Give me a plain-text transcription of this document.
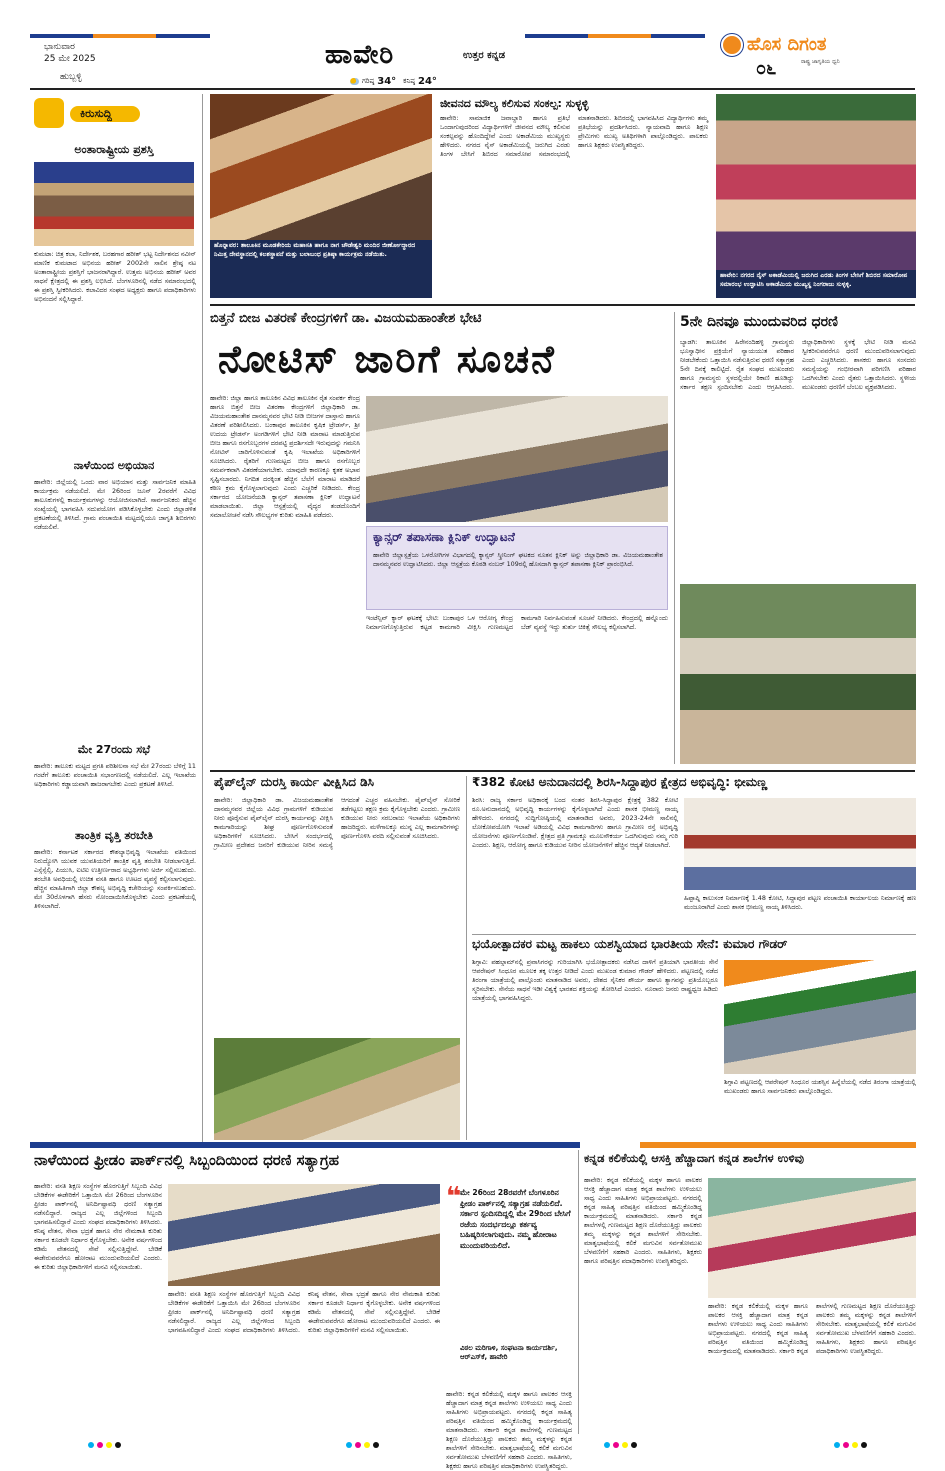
ಭಾನುವಾರ
25 ಮೇ 2025
ಹುಬ್ಬಳ್ಳಿ
ಹಾವೇರಿ	ಉತ್ತರ ಕನ್ನಡ
ಗರಿಷ್ಠ 34° ಕನಿಷ್ಠ 24°
ಹೊಸ ದಿಗಂತ
ರಾಷ್ಟ್ರ ಜಾಗೃತಿಯ ಧ್ವನಿ
೦೬
ಕಿರುಸುದ್ದಿ
ಅಂತಾರಾಷ್ಟ್ರೀಯ ಪ್ರಶಸ್ತಿ
ಕುಮಟಾ: ಚಿತ್ರ ಕಲಾ, ನಿರ್ದೇಶಕ, ಬರಹಗಾರ ಹರೀಶ್ ಭಟ್ಟ ನಿರ್ದೇಶನದ ನವೀನ್ ಮಾಣಿಕ ಕುಮಟಾದ ಅಭಿನಯ ಹರೀಶ್ 2002ನೇ ಸಾಲಿನ ಶ್ರೇಷ್ಠ ನಟ ಅಂತಾರಾಷ್ಟ್ರೀಯ ಪ್ರಶಸ್ತಿಗೆ ಭಾಜನರಾಗಿದ್ದಾರೆ. ಉತ್ತಮ ಅಭಿನಯ ಹರೀಶ್ ಅವರ ಸಾಧನೆ ಕ್ಷೇತ್ರದಲ್ಲಿ ಈ ಪ್ರಶಸ್ತಿ ಲಭಿಸಿದೆ. ಬೆಂಗಳೂರಿನಲ್ಲಿ ನಡೆದ ಸಮಾರಂಭದಲ್ಲಿ ಈ ಪ್ರಶಸ್ತಿ ಸ್ವೀಕರಿಸಿದರು. ಕಲಾವಿದರ ಸಂಘದ ಅಧ್ಯಕ್ಷರು ಹಾಗೂ ಪದಾಧಿಕಾರಿಗಳು ಅಭಿನಂದನೆ ಸಲ್ಲಿಸಿದ್ದಾರೆ.
ನಾಳೆಯಿಂದ ಅಭಿಯಾನ
ಹಾವೇರಿ: ಜಿಲ್ಲೆಯಲ್ಲಿ ಒಂದು ವಾರ ಅಭಿಯಾನ ಮತ್ತು ಸಾರ್ವಜನಿಕ ಮಾಹಿತಿ ಕಾರ್ಯಕ್ರಮ ನಡೆಯಲಿದೆ. ಮೇ 26ರಿಂದ ಜೂನ್ 2ರವರೆಗೆ ವಿವಿಧ ತಾಲೂಕುಗಳಲ್ಲಿ ಕಾರ್ಯಕ್ರಮಗಳನ್ನು ಆಯೋಜಿಸಲಾಗಿದೆ. ಸಾರ್ವಜನಿಕರು ಹೆಚ್ಚಿನ ಸಂಖ್ಯೆಯಲ್ಲಿ ಭಾಗವಹಿಸಿ ಸದುಪಯೋಗ ಪಡಿಸಿಕೊಳ್ಳಬೇಕು ಎಂದು ಜಿಲ್ಲಾಡಳಿತ ಪ್ರಕಟಣೆಯಲ್ಲಿ ತಿಳಿಸಿದೆ. ಗ್ರಾಮ ಪಂಚಾಯಿತಿ ಮಟ್ಟದಲ್ಲಿಯೂ ಜಾಗೃತಿ ಶಿಬಿರಗಳು ನಡೆಯಲಿವೆ.
ಮೇ 27ರಂದು ಸಭೆ
ಹಾವೇರಿ: ತಾಲೂಕು ಮಟ್ಟದ ಪ್ರಗತಿ ಪರಿಶೀಲನಾ ಸಭೆ ಮೇ 27ರಂದು ಬೆಳಿಗ್ಗೆ 11 ಗಂಟೆಗೆ ತಾಲೂಕು ಪಂಚಾಯಿತಿ ಸಭಾಂಗಣದಲ್ಲಿ ನಡೆಯಲಿದೆ. ಎಲ್ಲ ಇಲಾಖೆಯ ಅಧಿಕಾರಿಗಳು ಕಡ್ಡಾಯವಾಗಿ ಹಾಜರಾಗಬೇಕು ಎಂದು ಪ್ರಕಟಣೆ ತಿಳಿಸಿದೆ.
ತಾಂತ್ರಿಕ ವೃತ್ತಿ ತರಬೇತಿ
ಹಾವೇರಿ: ಕರ್ನಾಟಕ ಸರ್ಕಾರದ ಕೌಶಲ್ಯಾಭಿವೃದ್ಧಿ ಇಲಾಖೆಯ ವತಿಯಿಂದ ನಿರುದ್ಯೋಗಿ ಯುವಕ ಯುವತಿಯರಿಗೆ ತಾಂತ್ರಿಕ ವೃತ್ತಿ ತರಬೇತಿ ನೀಡಲಾಗುತ್ತಿದೆ. ಎಸ್ಸೆಸ್ಸೆಲ್ಸಿ, ಪಿಯುಸಿ, ಐಟಿಐ ಉತ್ತೀರ್ಣರಾದ ಅಭ್ಯರ್ಥಿಗಳು ಅರ್ಜಿ ಸಲ್ಲಿಸಬಹುದು. ತರಬೇತಿ ಅವಧಿಯಲ್ಲಿ ಉಚಿತ ವಸತಿ ಹಾಗೂ ಊಟದ ವ್ಯವಸ್ಥೆ ಕಲ್ಪಿಸಲಾಗುವುದು. ಹೆಚ್ಚಿನ ಮಾಹಿತಿಗಾಗಿ ಜಿಲ್ಲಾ ಕೌಶಲ್ಯ ಅಭಿವೃದ್ಧಿ ಕಚೇರಿಯನ್ನು ಸಂಪರ್ಕಿಸಬಹುದು. ಮೇ 30ರೊಳಗಾಗಿ ಹೆಸರು ನೋಂದಾಯಿಸಿಕೊಳ್ಳಬೇಕು ಎಂದು ಪ್ರಕಟಣೆಯಲ್ಲಿ ತಿಳಿಸಲಾಗಿದೆ.
ಹೊನ್ನಾವರ: ತಾಲೂಕಿನ ಮೂಡಕೇರಿಯ ಮಹಾಸತಿ ಹಾಗೂ ನಾಗ ಚೌಡೇಶ್ವರಿ ಮಂದಿರ ಜೀರ್ಣೋದ್ಧಾರದ ನಿಮಿತ್ತ ದೇವಸ್ಥಾನದಲ್ಲಿ ಕಲಶಸ್ಥಾಪನೆ ಮತ್ತು ಬಲಾಬಂಧ ಪ್ರತಿಷ್ಠಾ ಕಾರ್ಯಕ್ರಮ ನಡೆಯಿತು.
ಜೀವನದ ಮೌಲ್ಯ ಕಲಿಸುವ ಸಂಕಲ್ಪ: ಸುಳ್ಳಳ್ಳಿ
ಹಾವೇರಿ: ಸಾಮಾಜಿಕ ಜವಾಬ್ದಾರಿ ಹಾಗೂ ಪ್ರತಿಭೆ ಒಂದಾಗುವುದರಿಂದ ವಿದ್ಯಾರ್ಥಿಗಳಿಗೆ ಜೀವನದ ಮೌಲ್ಯ ಕಲಿಸುವ ಸಂಕಲ್ಪವನ್ನು ಹೊಂದಿದ್ದೇವೆ ಎಂದು ಅಕಾಡೆಮಿಯ ಮುಖ್ಯಸ್ಥರು ಹೇಳಿದರು. ನಗರದ ನೈಸ್ ಅಕಾಡೆಮಿಯಲ್ಲಿ ಜರುಗಿದ ಎರಡು ತಿಂಗಳ ಬೇಸಿಗೆ ಶಿಬಿರದ ಸಮಾರೋಪ ಸಮಾರಂಭದಲ್ಲಿ ಮಾತನಾಡಿದರು. ಶಿಬಿರದಲ್ಲಿ ಭಾಗವಹಿಸಿದ ವಿದ್ಯಾರ್ಥಿಗಳು ತಮ್ಮ ಪ್ರತಿಭೆಯನ್ನು ಪ್ರದರ್ಶಿಸಿದರು. ನ್ಯಾಯವಾದಿ ಹಾಗೂ ಶಿಕ್ಷಣ ಪ್ರೇಮಿಗಳು ಮುಖ್ಯ ಅತಿಥಿಗಳಾಗಿ ಪಾಲ್ಗೊಂಡಿದ್ದರು. ಪಾಲಕರು ಹಾಗೂ ಶಿಕ್ಷಕರು ಉಪಸ್ಥಿತರಿದ್ದರು.
ಹಾವೇರಿ: ನಗರದ ನೈಸ್ ಅಕಾಡೆಮಿಯಲ್ಲಿ ಜರುಗಿದ ಎರಡು ತಿಂಗಳ ಬೇಸಿಗೆ ಶಿಬಿರದ ಸಮಾರೋಪ ಸಮಾರಂಭ ಉದ್ಘಾಟಿಸಿ ಅಕಾಡೆಮಿಯ ಮುಖ್ಯಸ್ಥ ನಿಂಗರಾಜು ಸುಳ್ಳಳ್ಳಿ.
ಬಿತ್ತನೆ ಬೀಜ ವಿತರಣೆ ಕೇಂದ್ರಗಳಿಗೆ ಡಾ. ವಿಜಯಮಹಾಂತೇಶ ಭೇಟಿ
ನೋಟಿಸ್ ಜಾರಿಗೆ ಸೂಚನೆ
ಹಾವೇರಿ: ಜಿಲ್ಲಾ ಹಾಗೂ ತಾಲೂಕಿನ ವಿವಿಧ ತಾಲೂಕಿನ ರೈತ ಸಂಪರ್ಕ ಕೇಂದ್ರ ಹಾಗೂ ಬಿತ್ತನೆ ಬೀಜ ವಿತರಣಾ ಕೇಂದ್ರಗಳಿಗೆ ಜಿಲ್ಲಾಧಿಕಾರಿ ಡಾ. ವಿಜಯಮಹಾಂತೇಶ ದಾನಮ್ಮನವರ ಭೇಟಿ ನೀಡಿ ಬೀಜಗಳ ದಾಸ್ತಾನು ಹಾಗೂ ವಿತರಣೆ ಪರಿಶೀಲಿಸಿದರು. ಬಂಕಾಪುರ ತಾಲೂಕಿನ ಕೃಷಿಕ ಟ್ರೇಡರ್ಸ್, ಶ್ರೀ ಉದಯ ಟ್ರೇಡರ್ಸ್ ಅಂಗಡಿಗಳಿಗೆ ಭೇಟಿ ನೀಡಿ ಮಾರಾಟ ಮಾಡುತ್ತಿರುವ ಬೀಜ ಹಾಗೂ ರಸಗೊಬ್ಬರಗಳ ದರಪಟ್ಟಿ ಪ್ರದರ್ಶಿಸದೇ ಇರುವುದನ್ನು ಗಮನಿಸಿ ನೋಟಿಸ್ ಜಾರಿಗೊಳಿಸುವಂತೆ ಕೃಷಿ ಇಲಾಖೆಯ ಅಧಿಕಾರಿಗಳಿಗೆ ಸೂಚಿಸಿದರು. ರೈತರಿಗೆ ಗುಣಮಟ್ಟದ ಬೀಜ ಹಾಗೂ ರಸಗೊಬ್ಬರ ಸಮರ್ಪಕವಾಗಿ ವಿತರಣೆಯಾಗಬೇಕು. ಯಾವುದೇ ಕಾರಣಕ್ಕೂ ಕೃತಕ ಅಭಾವ ಸೃಷ್ಟಿಸಬಾರದು. ನಿಗದಿತ ದರಕ್ಕಿಂತ ಹೆಚ್ಚಿನ ಬೆಲೆಗೆ ಮಾರಾಟ ಮಾಡಿದರೆ ಕಠಿಣ ಕ್ರಮ ಕೈಗೊಳ್ಳಲಾಗುವುದು ಎಂದು ಎಚ್ಚರಿಕೆ ನೀಡಿದರು. ಕೇಂದ್ರ ಸರ್ಕಾರದ ಯೋಜನೆಯಡಿ ಕ್ಯಾನ್ಸರ್ ತಪಾಸಣಾ ಕ್ಲಿನಿಕ್ ಉದ್ಘಾಟನೆ ಮಾಡಲಾಯಿತು. ಜಿಲ್ಲಾ ಆಸ್ಪತ್ರೆಯಲ್ಲಿ ವೈದ್ಯರ ತಂಡದೊಂದಿಗೆ ಸಮಾಲೋಚನೆ ನಡೆಸಿ ಸೌಲಭ್ಯಗಳ ಕುರಿತು ಮಾಹಿತಿ ಪಡೆದರು.
ಕ್ಯಾನ್ಸರ್ ತಪಾಸಣಾ ಕ್ಲಿನಿಕ್ ಉದ್ಘಾಟನೆ
ಹಾವೇರಿ ಜಿಲ್ಲಾಸ್ಪತ್ರೆಯ ಒಳರೋಗಿಗಳ ವಿಭಾಗದಲ್ಲಿ ಕ್ಯಾನ್ಸರ್ ಸ್ಕ್ರೀನಿಂಗ್ ಘಟಕದ ನೂತನ ಕ್ಲಿನಿಕ್ ಅನ್ನು ಜಿಲ್ಲಾಧಿಕಾರಿ ಡಾ. ವಿಜಯಮಹಾಂತೇಶ ದಾನಮ್ಮನವರ ಉದ್ಘಾಟಿಸಿದರು. ಜಿಲ್ಲಾ ಆಸ್ಪತ್ರೆಯ ಕೊಠಡಿ ನಂಬರ್ 109ರಲ್ಲಿ ಹೊಸದಾಗಿ ಕ್ಯಾನ್ಸರ್ ತಪಾಸಣಾ ಕ್ಲಿನಿಕ್ ಪ್ರಾರಂಭಿಸಿದೆ.
ಇಂಟೆನ್ಸಿವ್ ಕ್ಯಾರ್ ಘಟಕಕ್ಕೆ ಭೇಟಿ: ಬಂಕಾಪುರ ಒಳ ಆರೋಗ್ಯ ಕೇಂದ್ರ ನಿರ್ಮಾಣಗೊಳ್ಳುತ್ತಿರುವ ಕಟ್ಟಡ ಕಾಮಗಾರಿ ವೀಕ್ಷಿಸಿ ಗುಣಮಟ್ಟದ ಕಾಮಗಾರಿ ನಿರ್ವಹಿಸುವಂತೆ ಸೂಚನೆ ನೀಡಿದರು. ಕೇಂದ್ರದಲ್ಲಿ ಹನ್ನೊಂದು ಬೆಡ್ ವ್ಯವಸ್ಥೆ ಇದ್ದು ತುರ್ತು ಚಿಕಿತ್ಸೆ ಸೌಲಭ್ಯ ಕಲ್ಪಿಸಲಾಗಿದೆ.
5ನೇ ದಿನವೂ ಮುಂದುವರಿದ ಧರಣಿ
ಬ್ಯಾಡಗಿ: ತಾಲೂಕಿನ ಹಿರೇನಂದಿಹಳ್ಳಿ ಗ್ರಾಮಸ್ಥರು ಭೂಸ್ವಾಧೀನ ಪ್ರಕ್ರಿಯೆಗೆ ನ್ಯಾಯಯುತ ಪರಿಹಾರ ನೀಡಬೇಕೆಂದು ಒತ್ತಾಯಿಸಿ ನಡೆಸುತ್ತಿರುವ ಧರಣಿ ಸತ್ಯಾಗ್ರಹ 5ನೇ ದಿನಕ್ಕೆ ಕಾಲಿಟ್ಟಿದೆ. ರೈತ ಸಂಘದ ಮುಖಂಡರು ಹಾಗೂ ಗ್ರಾಮಸ್ಥರು ಸ್ಥಳದಲ್ಲಿಯೇ ಠಿಕಾಣಿ ಹೂಡಿದ್ದು ಸರ್ಕಾರ ತಕ್ಷಣ ಸ್ಪಂದಿಸಬೇಕು ಎಂದು ಆಗ್ರಹಿಸಿದರು. ಜಿಲ್ಲಾಧಿಕಾರಿಗಳು ಸ್ಥಳಕ್ಕೆ ಭೇಟಿ ನೀಡಿ ಮನವಿ ಸ್ವೀಕರಿಸುವವರೆಗೂ ಧರಣಿ ಮುಂದುವರಿಸಲಾಗುವುದು ಎಂದು ಎಚ್ಚರಿಸಿದರು. ಶಾಸಕರು ಹಾಗೂ ಸಂಸದರು ಸಮಸ್ಯೆಯನ್ನು ಗಂಭೀರವಾಗಿ ಪರಿಗಣಿಸಿ ಪರಿಹಾರ ಒದಗಿಸಬೇಕು ಎಂದು ರೈತರು ಒತ್ತಾಯಿಸಿದರು. ಸ್ಥಳೀಯ ಮುಖಂಡರು ಧರಣಿಗೆ ಬೆಂಬಲ ವ್ಯಕ್ತಪಡಿಸಿದರು.
ಪೈಪ್‌ಲೈನ್ ದುರಸ್ತಿ ಕಾರ್ಯ ವೀಕ್ಷಿಸಿದ ಡಿಸಿ
ಹಾವೇರಿ: ಜಿಲ್ಲಾಧಿಕಾರಿ ಡಾ. ವಿಜಯಮಹಾಂತೇಶ ದಾನಮ್ಮನವರ ಜಿಲ್ಲೆಯ ವಿವಿಧ ಗ್ರಾಮಗಳಿಗೆ ಕುಡಿಯುವ ನೀರು ಪೂರೈಸುವ ಪೈಪ್‌ಲೈನ್ ದುರಸ್ತಿ ಕಾರ್ಯವನ್ನು ವೀಕ್ಷಿಸಿ ಕಾಮಗಾರಿಯನ್ನು ಶೀಘ್ರ ಪೂರ್ಣಗೊಳಿಸುವಂತೆ ಅಧಿಕಾರಿಗಳಿಗೆ ಸೂಚಿಸಿದರು. ಬೇಸಿಗೆ ಸಂದರ್ಭದಲ್ಲಿ ಗ್ರಾಮೀಣ ಪ್ರದೇಶದ ಜನರಿಗೆ ಕುಡಿಯುವ ನೀರಿನ ಸಮಸ್ಯೆ ಆಗದಂತೆ ಎಚ್ಚರ ವಹಿಸಬೇಕು. ಪೈಪ್‌ಲೈನ್ ಸೋರಿಕೆ ತಡೆಗಟ್ಟಲು ತಕ್ಷಣ ಕ್ರಮ ಕೈಗೊಳ್ಳಬೇಕು ಎಂದರು. ಗ್ರಾಮೀಣ ಕುಡಿಯುವ ನೀರು ಸರಬರಾಜು ಇಲಾಖೆಯ ಅಧಿಕಾರಿಗಳು ಹಾಜರಿದ್ದರು. ಮಳೆಗಾಲಕ್ಕೂ ಮುನ್ನ ಎಲ್ಲ ಕಾಮಗಾರಿಗಳನ್ನು ಪೂರ್ಣಗೊಳಿಸಿ ವರದಿ ಸಲ್ಲಿಸುವಂತೆ ಸೂಚಿಸಿದರು.
₹382 ಕೋಟಿ ಅನುದಾನದಲ್ಲಿ ಶಿರಸಿ-ಸಿದ್ದಾಪುರ ಕ್ಷೇತ್ರದ ಅಭಿವೃದ್ಧಿ: ಭೀಮಣ್ಣ
ಶಿರಸಿ: ರಾಜ್ಯ ಸರ್ಕಾರ ಅಧಿಕಾರಕ್ಕೆ ಬಂದ ನಂತರ ಶಿರಸಿ-ಸಿದ್ದಾಪುರ ಕ್ಷೇತ್ರಕ್ಕೆ 382 ಕೋಟಿ ರೂ.ಅನುದಾನದಲ್ಲಿ ಅಭಿವೃದ್ಧಿ ಕಾರ್ಯಗಳನ್ನು ಕೈಗೊಳ್ಳಲಾಗಿದೆ ಎಂದು ಶಾಸಕ ಭೀಮಣ್ಣ ನಾಯ್ಕ ಹೇಳಿದರು. ನಗರದಲ್ಲಿ ಸುದ್ದಿಗೋಷ್ಠಿಯಲ್ಲಿ ಮಾತನಾಡಿದ ಅವರು, 2023-24ನೇ ಸಾಲಿನಲ್ಲಿ ಲೋಕೋಪಯೋಗಿ ಇಲಾಖೆ ಅಡಿಯಲ್ಲಿ ವಿವಿಧ ಕಾಮಗಾರಿಗಳು ಹಾಗೂ ಗ್ರಾಮೀಣ ರಸ್ತೆ ಅಭಿವೃದ್ಧಿ ಯೋಜನೆಗಳು ಪೂರ್ಣಗೊಂಡಿವೆ. ಕ್ಷೇತ್ರದ ಪ್ರತಿ ಗ್ರಾಮಕ್ಕೂ ಮೂಲಸೌಕರ್ಯ ಒದಗಿಸುವುದು ನಮ್ಮ ಗುರಿ ಎಂದರು. ಶಿಕ್ಷಣ, ಆರೋಗ್ಯ ಹಾಗೂ ಕುಡಿಯುವ ನೀರಿನ ಯೋಜನೆಗಳಿಗೆ ಹೆಚ್ಚಿನ ಆದ್ಯತೆ ನೀಡಲಾಗಿದೆ.
ಹಿಪ್ಪಾಪ್ನಿ ಕಾಲುಸಂಕ ನಿರ್ಮಾಣಕ್ಕೆ 1.48 ಕೋಟಿ, ಸಿದ್ದಾಪುರ ಪಟ್ಟಣ ಪಂಚಾಯಿತಿ ಕಾರ್ಯಾಲಯ ನಿರ್ಮಾಣಕ್ಕೆ ಹಣ ಮಂಜೂರಾಗಿದೆ ಎಂದು ಶಾಸಕ ಭೀಮಣ್ಣ ನಾಯ್ಕ ತಿಳಿಸಿದರು.
ಭಯೋತ್ಪಾದಕರ ಮಟ್ಟ ಹಾಕಲು ಯಶಸ್ವಿಯಾದ ಭಾರತೀಯ ಸೇನೆ: ಕುಮಾರ ಗೌಡರ್
ಶಿಗ್ಗಾವಿ: ಪಹಲ್ಗಾಮ್‌ನಲ್ಲಿ ಪ್ರವಾಸಿಗರನ್ನು ಗುರಿಯಾಗಿಸಿ ಭಯೋತ್ಪಾದಕರು ನಡೆಸಿದ ದಾಳಿಗೆ ಪ್ರತಿಯಾಗಿ ಭಾರತೀಯ ಸೇನೆ ಆಪರೇಷನ್ ಸಿಂಧೂರ ಮೂಲಕ ತಕ್ಕ ಉತ್ತರ ನೀಡಿದೆ ಎಂದು ಮುಖಂಡ ಕುಮಾರ ಗೌಡರ್ ಹೇಳಿದರು. ಪಟ್ಟಣದಲ್ಲಿ ನಡೆದ ತಿರಂಗಾ ಯಾತ್ರೆಯಲ್ಲಿ ಪಾಲ್ಗೊಂಡು ಮಾತನಾಡಿದ ಅವರು, ದೇಶದ ಸೈನಿಕರ ಶೌರ್ಯ ಹಾಗೂ ತ್ಯಾಗವನ್ನು ಪ್ರತಿಯೊಬ್ಬರೂ ಸ್ಮರಿಸಬೇಕು. ಸೇನೆಯ ಸಾಧನೆ ಇಡೀ ವಿಶ್ವಕ್ಕೆ ಭಾರತದ ಶಕ್ತಿಯನ್ನು ತೋರಿಸಿದೆ ಎಂದರು. ನೂರಾರು ಜನರು ರಾಷ್ಟ್ರಧ್ವಜ ಹಿಡಿದು ಯಾತ್ರೆಯಲ್ಲಿ ಭಾಗವಹಿಸಿದ್ದರು.
ಶಿಗ್ಗಾವಿ ಪಟ್ಟಣದಲ್ಲಿ ಆಪರೇಷನ್ ಸಿಂಧೂರ ಯಶಸ್ಸಿನ ಹಿನ್ನೆಲೆಯಲ್ಲಿ ನಡೆದ ತಿರಂಗಾ ಯಾತ್ರೆಯಲ್ಲಿ ಮುಖಂಡರು ಹಾಗೂ ಸಾರ್ವಜನಿಕರು ಪಾಲ್ಗೊಂಡಿದ್ದರು.
ನಾಳೆಯಿಂದ ಫ್ರೀಡಂ ಪಾರ್ಕ್‌ನಲ್ಲಿ ಸಿಬ್ಬಂದಿಯಿಂದ ಧರಣಿ ಸತ್ಯಾಗ್ರಹ
ಹಾವೇರಿ: ವಸತಿ ಶಿಕ್ಷಣ ಸಂಸ್ಥೆಗಳ ಹೊರಗುತ್ತಿಗೆ ಸಿಬ್ಬಂದಿ ವಿವಿಧ ಬೇಡಿಕೆಗಳ ಈಡೇರಿಕೆಗೆ ಒತ್ತಾಯಿಸಿ ಮೇ 26ರಿಂದ ಬೆಂಗಳೂರಿನ ಫ್ರೀಡಂ ಪಾರ್ಕ್‌ನಲ್ಲಿ ಅನಿರ್ದಿಷ್ಟಾವಧಿ ಧರಣಿ ಸತ್ಯಾಗ್ರಹ ನಡೆಸಲಿದ್ದಾರೆ. ರಾಜ್ಯದ ಎಲ್ಲ ಜಿಲ್ಲೆಗಳಿಂದ ಸಿಬ್ಬಂದಿ ಭಾಗವಹಿಸಲಿದ್ದಾರೆ ಎಂದು ಸಂಘದ ಪದಾಧಿಕಾರಿಗಳು ತಿಳಿಸಿದರು. ಕನಿಷ್ಠ ವೇತನ, ಸೇವಾ ಭದ್ರತೆ ಹಾಗೂ ನೇರ ನೇಮಕಾತಿ ಕುರಿತು ಸರ್ಕಾರ ಕೂಡಲೇ ನಿರ್ಧಾರ ಕೈಗೊಳ್ಳಬೇಕು. ಅನೇಕ ವರ್ಷಗಳಿಂದ ಕಡಿಮೆ ವೇತನದಲ್ಲಿ ಸೇವೆ ಸಲ್ಲಿಸುತ್ತಿದ್ದೇವೆ. ಬೇಡಿಕೆ ಈಡೇರುವವರೆಗೂ ಹೋರಾಟ ಮುಂದುವರಿಯಲಿದೆ ಎಂದರು. ಈ ಕುರಿತು ಜಿಲ್ಲಾಧಿಕಾರಿಗಳಿಗೆ ಮನವಿ ಸಲ್ಲಿಸಲಾಯಿತು.
ಹಾವೇರಿ: ವಸತಿ ಶಿಕ್ಷಣ ಸಂಸ್ಥೆಗಳ ಹೊರಗುತ್ತಿಗೆ ಸಿಬ್ಬಂದಿ ವಿವಿಧ ಬೇಡಿಕೆಗಳ ಈಡೇರಿಕೆಗೆ ಒತ್ತಾಯಿಸಿ ಮೇ 26ರಿಂದ ಬೆಂಗಳೂರಿನ ಫ್ರೀಡಂ ಪಾರ್ಕ್‌ನಲ್ಲಿ ಅನಿರ್ದಿಷ್ಟಾವಧಿ ಧರಣಿ ಸತ್ಯಾಗ್ರಹ ನಡೆಸಲಿದ್ದಾರೆ. ರಾಜ್ಯದ ಎಲ್ಲ ಜಿಲ್ಲೆಗಳಿಂದ ಸಿಬ್ಬಂದಿ ಭಾಗವಹಿಸಲಿದ್ದಾರೆ ಎಂದು ಸಂಘದ ಪದಾಧಿಕಾರಿಗಳು ತಿಳಿಸಿದರು. ಕನಿಷ್ಠ ವೇತನ, ಸೇವಾ ಭದ್ರತೆ ಹಾಗೂ ನೇರ ನೇಮಕಾತಿ ಕುರಿತು ಸರ್ಕಾರ ಕೂಡಲೇ ನಿರ್ಧಾರ ಕೈಗೊಳ್ಳಬೇಕು. ಅನೇಕ ವರ್ಷಗಳಿಂದ ಕಡಿಮೆ ವೇತನದಲ್ಲಿ ಸೇವೆ ಸಲ್ಲಿಸುತ್ತಿದ್ದೇವೆ. ಬೇಡಿಕೆ ಈಡೇರುವವರೆಗೂ ಹೋರಾಟ ಮುಂದುವರಿಯಲಿದೆ ಎಂದರು. ಈ ಕುರಿತು ಜಿಲ್ಲಾಧಿಕಾರಿಗಳಿಗೆ ಮನವಿ ಸಲ್ಲಿಸಲಾಯಿತು.
❝
ಮೇ 26ರಿಂದ 28ರವರೆಗೆ ಬೆಂಗಳೂರಿನ ಫ್ರೀಡಂ ಪಾರ್ಕ್‌ನಲ್ಲಿ ಸತ್ಯಾಗ್ರಹ ನಡೆಯಲಿದೆ. ಸರ್ಕಾರ ಸ್ಪಂದಿಸದಿದ್ದಲ್ಲಿ ಮೇ 29ರಿಂದ ಬೇಸಿಗೆ ರಜೆಯ ಸಂದರ್ಭದಲ್ಲೂ ಕರ್ತವ್ಯ ಬಹಿಷ್ಕರಿಸಲಾಗುವುದು. ನಮ್ಮ ಹೋರಾಟ ಮುಂದುವರಿಯಲಿದೆ.
ವಿಠಲ ಮರಿಗಾಳಿ, ಸಂಘಟನಾ ಕಾರ್ಯದರ್ಶಿ, ಆರ್‌ಎಸ್‌ಕೆ, ಹಾವೇರಿ
ಹಾವೇರಿ: ಕನ್ನಡ ಕಲಿಕೆಯಲ್ಲಿ ಮಕ್ಕಳ ಹಾಗೂ ಪಾಲಕರ ಆಸಕ್ತಿ ಹೆಚ್ಚಾದಾಗ ಮಾತ್ರ ಕನ್ನಡ ಶಾಲೆಗಳು ಉಳಿಯಲು ಸಾಧ್ಯ ಎಂದು ಸಾಹಿತಿಗಳು ಅಭಿಪ್ರಾಯಪಟ್ಟರು. ನಗರದಲ್ಲಿ ಕನ್ನಡ ಸಾಹಿತ್ಯ ಪರಿಷತ್ತಿನ ವತಿಯಿಂದ ಹಮ್ಮಿಕೊಂಡಿದ್ದ ಕಾರ್ಯಕ್ರಮದಲ್ಲಿ ಮಾತನಾಡಿದರು. ಸರ್ಕಾರಿ ಕನ್ನಡ ಶಾಲೆಗಳಲ್ಲಿ ಗುಣಮಟ್ಟದ ಶಿಕ್ಷಣ ದೊರೆಯುತ್ತಿದ್ದು ಪಾಲಕರು ತಮ್ಮ ಮಕ್ಕಳನ್ನು ಕನ್ನಡ ಶಾಲೆಗಳಿಗೆ ಸೇರಿಸಬೇಕು. ಮಾತೃಭಾಷೆಯಲ್ಲಿ ಕಲಿಕೆ ಮಗುವಿನ ಸರ್ವತೋಮುಖ ಬೆಳವಣಿಗೆಗೆ ಸಹಕಾರಿ ಎಂದರು. ಸಾಹಿತಿಗಳು, ಶಿಕ್ಷಕರು ಹಾಗೂ ಪರಿಷತ್ತಿನ ಪದಾಧಿಕಾರಿಗಳು ಉಪಸ್ಥಿತರಿದ್ದರು.
ಕನ್ನಡ ಕಲಿಕೆಯಲ್ಲಿ ಆಸಕ್ತಿ ಹೆಚ್ಚಾದಾಗ ಕನ್ನಡ ಶಾಲೆಗಳ ಉಳಿವು
ಹಾವೇರಿ: ಕನ್ನಡ ಕಲಿಕೆಯಲ್ಲಿ ಮಕ್ಕಳ ಹಾಗೂ ಪಾಲಕರ ಆಸಕ್ತಿ ಹೆಚ್ಚಾದಾಗ ಮಾತ್ರ ಕನ್ನಡ ಶಾಲೆಗಳು ಉಳಿಯಲು ಸಾಧ್ಯ ಎಂದು ಸಾಹಿತಿಗಳು ಅಭಿಪ್ರಾಯಪಟ್ಟರು. ನಗರದಲ್ಲಿ ಕನ್ನಡ ಸಾಹಿತ್ಯ ಪರಿಷತ್ತಿನ ವತಿಯಿಂದ ಹಮ್ಮಿಕೊಂಡಿದ್ದ ಕಾರ್ಯಕ್ರಮದಲ್ಲಿ ಮಾತನಾಡಿದರು. ಸರ್ಕಾರಿ ಕನ್ನಡ ಶಾಲೆಗಳಲ್ಲಿ ಗುಣಮಟ್ಟದ ಶಿಕ್ಷಣ ದೊರೆಯುತ್ತಿದ್ದು ಪಾಲಕರು ತಮ್ಮ ಮಕ್ಕಳನ್ನು ಕನ್ನಡ ಶಾಲೆಗಳಿಗೆ ಸೇರಿಸಬೇಕು. ಮಾತೃಭಾಷೆಯಲ್ಲಿ ಕಲಿಕೆ ಮಗುವಿನ ಸರ್ವತೋಮುಖ ಬೆಳವಣಿಗೆಗೆ ಸಹಕಾರಿ ಎಂದರು. ಸಾಹಿತಿಗಳು, ಶಿಕ್ಷಕರು ಹಾಗೂ ಪರಿಷತ್ತಿನ ಪದಾಧಿಕಾರಿಗಳು ಉಪಸ್ಥಿತರಿದ್ದರು.
ಹಾವೇರಿ: ಕನ್ನಡ ಕಲಿಕೆಯಲ್ಲಿ ಮಕ್ಕಳ ಹಾಗೂ ಪಾಲಕರ ಆಸಕ್ತಿ ಹೆಚ್ಚಾದಾಗ ಮಾತ್ರ ಕನ್ನಡ ಶಾಲೆಗಳು ಉಳಿಯಲು ಸಾಧ್ಯ ಎಂದು ಸಾಹಿತಿಗಳು ಅಭಿಪ್ರಾಯಪಟ್ಟರು. ನಗರದಲ್ಲಿ ಕನ್ನಡ ಸಾಹಿತ್ಯ ಪರಿಷತ್ತಿನ ವತಿಯಿಂದ ಹಮ್ಮಿಕೊಂಡಿದ್ದ ಕಾರ್ಯಕ್ರಮದಲ್ಲಿ ಮಾತನಾಡಿದರು. ಸರ್ಕಾರಿ ಕನ್ನಡ ಶಾಲೆಗಳಲ್ಲಿ ಗುಣಮಟ್ಟದ ಶಿಕ್ಷಣ ದೊರೆಯುತ್ತಿದ್ದು ಪಾಲಕರು ತಮ್ಮ ಮಕ್ಕಳನ್ನು ಕನ್ನಡ ಶಾಲೆಗಳಿಗೆ ಸೇರಿಸಬೇಕು. ಮಾತೃಭಾಷೆಯಲ್ಲಿ ಕಲಿಕೆ ಮಗುವಿನ ಸರ್ವತೋಮುಖ ಬೆಳವಣಿಗೆಗೆ ಸಹಕಾರಿ ಎಂದರು. ಸಾಹಿತಿಗಳು, ಶಿಕ್ಷಕರು ಹಾಗೂ ಪರಿಷತ್ತಿನ ಪದಾಧಿಕಾರಿಗಳು ಉಪಸ್ಥಿತರಿದ್ದರು.
